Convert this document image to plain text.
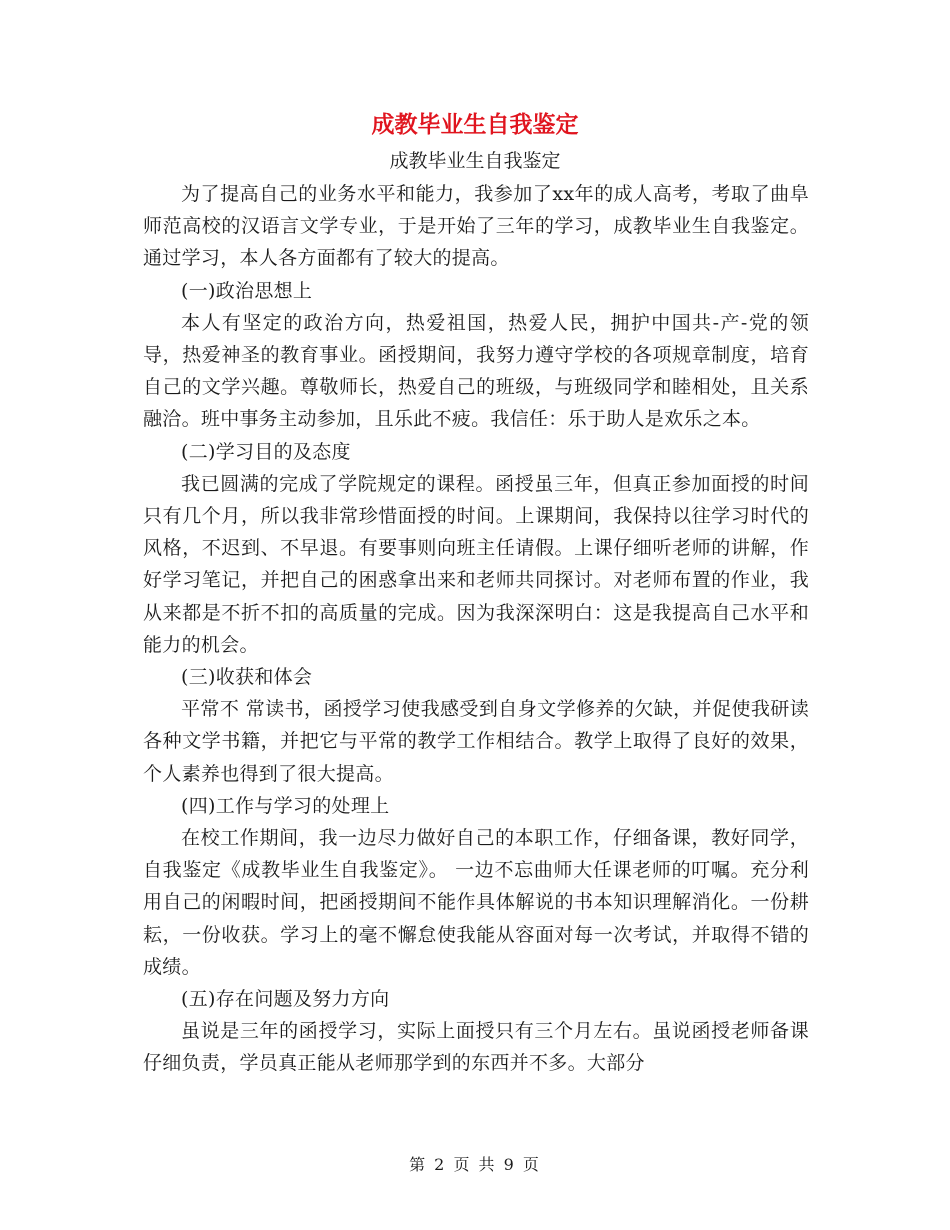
成教毕业生自我鉴定
成教毕业生自我鉴定

为了提高自己的业务水平和能力，我参加了xx年的成人高考，考取了曲阜师范高校的汉语言文学专业，于是开始了三年的学习，成教毕业生自我鉴定。通过学习，本人各方面都有了较大的提高。

(一)政治思想上

本人有坚定的政治方向，热爱祖国，热爱人民，拥护中国共-产-党的领导，热爱神圣的教育事业。函授期间，我努力遵守学校的各项规章制度，培育自己的文学兴趣。尊敬师长，热爱自己的班级，与班级同学和睦相处，且关系融洽。班中事务主动参加，且乐此不疲。我信任：乐于助人是欢乐之本。

(二)学习目的及态度

我已圆满的完成了学院规定的课程。函授虽三年，但真正参加面授的时间只有几个月，所以我非常珍惜面授的时间。上课期间，我保持以往学习时代的风格，不迟到、不早退。有要事则向班主任请假。上课仔细听老师的讲解，作好学习笔记，并把自己的困惑拿出来和老师共同探讨。对老师布置的作业，我从来都是不折不扣的高质量的完成。因为我深深明白：这是我提高自己水平和能力的机会。

(三)收获和体会

平常不 常读书，函授学习使我感受到自身文学修养的欠缺，并促使我研读各种文学书籍，并把它与平常的教学工作相结合。教学上取得了良好的效果，个人素养也得到了很大提高。

(四)工作与学习的处理上

在校工作期间，我一边尽力做好自己的本职工作，仔细备课，教好同学，自我鉴定《成教毕业生自我鉴定》。 一边不忘曲师大任课老师的叮嘱。充分利用自己的闲暇时间，把函授期间不能作具体解说的书本知识理解消化。一份耕耘，一份收获。学习上的毫不懈怠使我能从容面对每一次考试，并取得不错的成绩。

(五)存在问题及努力方向

虽说是三年的函授学习，实际上面授只有三个月左右。虽说函授老师备课仔细负责，学员真正能从老师那学到的东西并不多。大部分

第 2 页 共 9 页
